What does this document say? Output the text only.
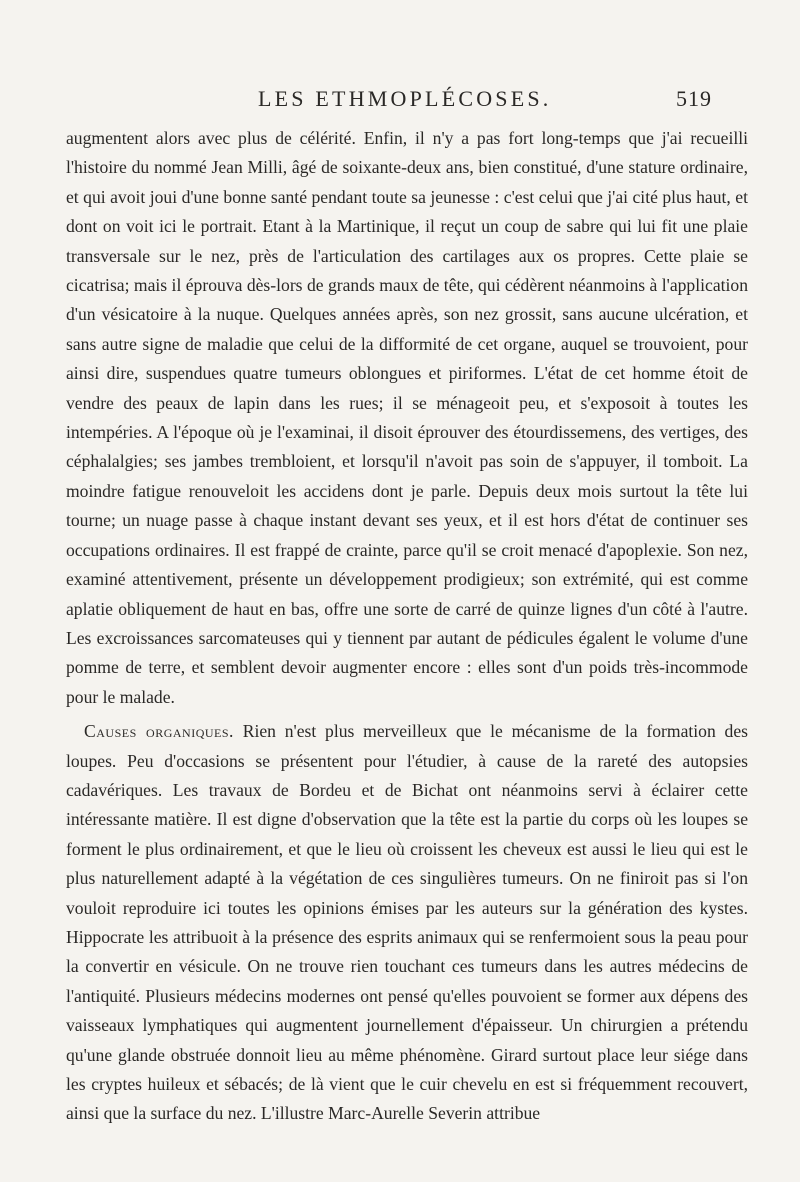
LES ETHMOPLÉCOSES.	519

augmentent alors avec plus de célérité. Enfin, il n'y a pas fort long-temps que j'ai recueilli l'histoire du nommé Jean Milli, âgé de soixante-deux ans, bien constitué, d'une stature ordinaire, et qui avoit joui d'une bonne santé pendant toute sa jeunesse : c'est celui que j'ai cité plus haut, et dont on voit ici le portrait. Etant à la Martinique, il reçut un coup de sabre qui lui fit une plaie transversale sur le nez, près de l'articulation des cartilages aux os propres. Cette plaie se cicatrisa; mais il éprouva dès-lors de grands maux de tête, qui cédèrent néanmoins à l'application d'un vésicatoire à la nuque. Quelques années après, son nez grossit, sans aucune ulcération, et sans autre signe de maladie que celui de la difformité de cet organe, auquel se trouvoient, pour ainsi dire, suspendues quatre tumeurs oblongues et piriformes. L'état de cet homme étoit de vendre des peaux de lapin dans les rues; il se ménageoit peu, et s'exposoit à toutes les intempéries. A l'époque où je l'examinai, il disoit éprouver des étourdissemens, des vertiges, des céphalalgies; ses jambes trembloient, et lorsqu'il n'avoit pas soin de s'appuyer, il tomboit. La moindre fatigue renouveloit les accidens dont je parle. Depuis deux mois surtout la tête lui tourne; un nuage passe à chaque instant devant ses yeux, et il est hors d'état de continuer ses occupations ordinaires. Il est frappé de crainte, parce qu'il se croit menacé d'apoplexie. Son nez, examiné attentivement, présente un développement prodigieux; son extrémité, qui est comme aplatie obliquement de haut en bas, offre une sorte de carré de quinze lignes d'un côté à l'autre. Les excroissances sarcomateuses qui y tiennent par autant de pédicules égalent le volume d'une pomme de terre, et semblent devoir augmenter encore : elles sont d'un poids très-incommode pour le malade.

Causes organiques. Rien n'est plus merveilleux que le mécanisme de la formation des loupes. Peu d'occasions se présentent pour l'étudier, à cause de la rareté des autopsies cadavériques. Les travaux de Bordeu et de Bichat ont néanmoins servi à éclairer cette intéressante matière. Il est digne d'observation que la tête est la partie du corps où les loupes se forment le plus ordinairement, et que le lieu où croissent les cheveux est aussi le lieu qui est le plus naturellement adapté à la végétation de ces singulières tumeurs. On ne finiroit pas si l'on vouloit reproduire ici toutes les opinions émises par les auteurs sur la génération des kystes. Hippocrate les attribuoit à la présence des esprits animaux qui se renfermoient sous la peau pour la convertir en vésicule. On ne trouve rien touchant ces tumeurs dans les autres médecins de l'antiquité. Plusieurs médecins modernes ont pensé qu'elles pouvoient se former aux dépens des vaisseaux lymphatiques qui augmentent journellement d'épaisseur. Un chirurgien a prétendu qu'une glande obstruée donnoit lieu au même phénomène. Girard surtout place leur siége dans les cryptes huileux et sébacés; de là vient que le cuir chevelu en est si fréquemment recouvert, ainsi que la surface du nez. L'illustre Marc-Aurelle Severin attribue
